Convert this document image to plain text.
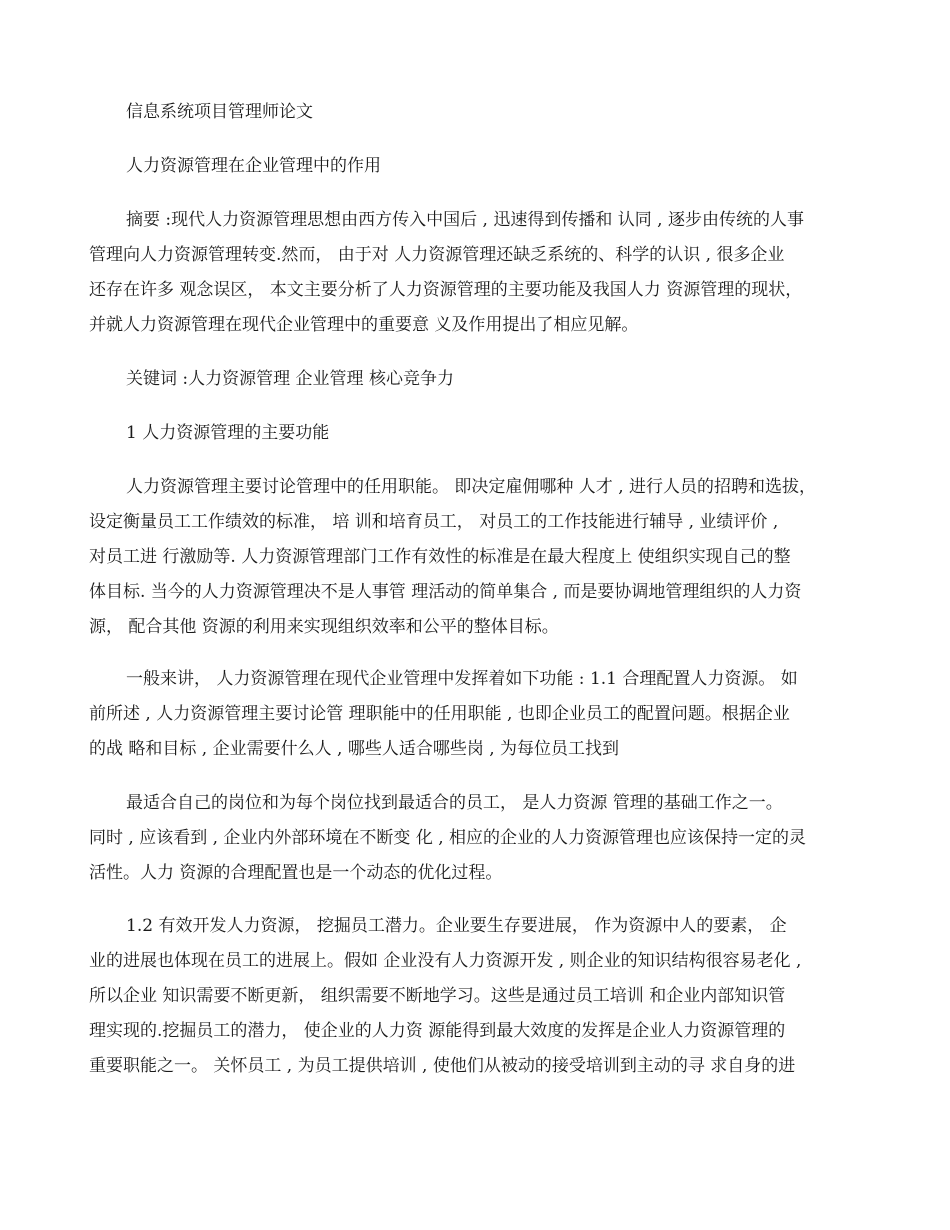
信息系统项目管理师论文
人力资源管理在企业管理中的作用
摘要 :现代人力资源管理思想由西方传入中国后 , 迅速得到传播和 认同 , 逐步由传统的人事
管理向人力资源管理转变.然而， 由于对 人力资源管理还缺乏系统的、科学的认识 , 很多企业
还存在许多 观念误区， 本文主要分析了人力资源管理的主要功能及我国人力 资源管理的现状，
并就人力资源管理在现代企业管理中的重要意 义及作用提出了相应见解。
关键词 :人力资源管理 企业管理 核心竞争力
1 人力资源管理的主要功能
人力资源管理主要讨论管理中的任用职能。 即决定雇佣哪种 人才 , 进行人员的招聘和选拔，
设定衡量员工工作绩效的标准， 培 训和培育员工， 对员工的工作技能进行辅导 , 业绩评价 ,
对员工进 行激励等. 人力资源管理部门工作有效性的标准是在最大程度上 使组织实现自己的整
体目标. 当今的人力资源管理决不是人事管 理活动的简单集合 , 而是要协调地管理组织的人力资
源， 配合其他 资源的利用来实现组织效率和公平的整体目标。
一般来讲， 人力资源管理在现代企业管理中发挥着如下功能 : 1.1 合理配置人力资源。 如
前所述 , 人力资源管理主要讨论管 理职能中的任用职能 , 也即企业员工的配置问题。根据企业
的战 略和目标 , 企业需要什么人 , 哪些人适合哪些岗 , 为每位员工找到
最适合自己的岗位和为每个岗位找到最适合的员工， 是人力资源 管理的基础工作之一。
同时 , 应该看到 , 企业内外部环境在不断变 化 , 相应的企业的人力资源管理也应该保持一定的灵
活性。人力 资源的合理配置也是一个动态的优化过程。
1.2 有效开发人力资源， 挖掘员工潜力。企业要生存要进展， 作为资源中人的要素， 企
业的进展也体现在员工的进展上。假如 企业没有人力资源开发 , 则企业的知识结构很容易老化 ,
所以企业 知识需要不断更新， 组织需要不断地学习。这些是通过员工培训 和企业内部知识管
理实现的.挖掘员工的潜力， 使企业的人力资 源能得到最大效度的发挥是企业人力资源管理的
重要职能之一。 关怀员工 , 为员工提供培训 , 使他们从被动的接受培训到主动的寻 求自身的进
